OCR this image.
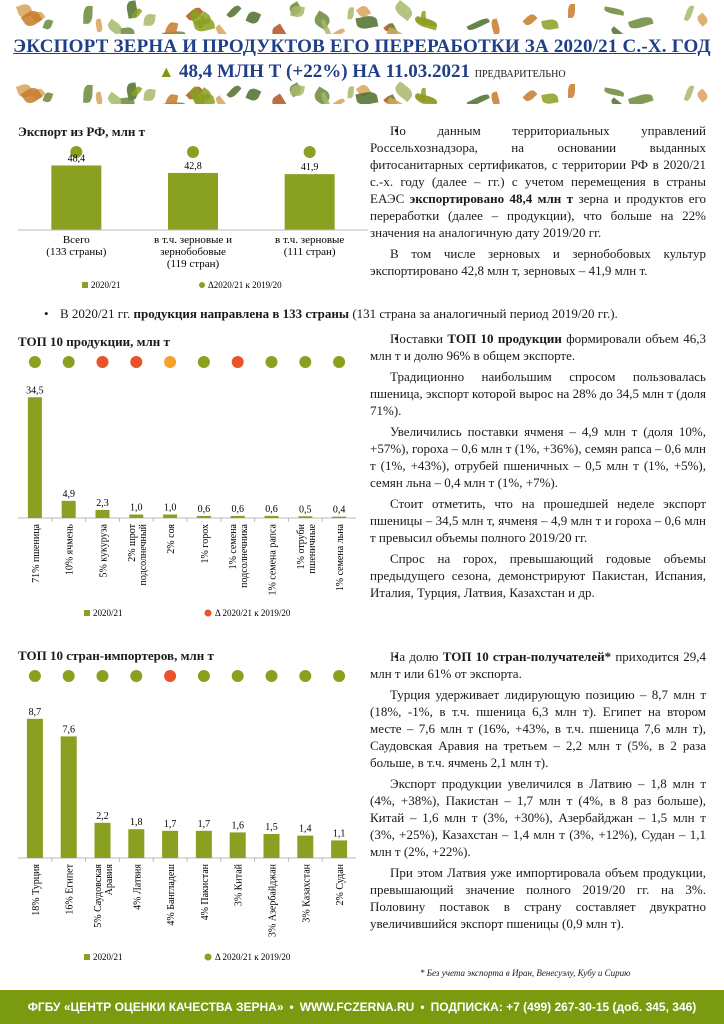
ЭКСПОРТ ЗЕРНА И ПРОДУКТОВ ЕГО ПЕРЕРАБОТКИ ЗА 2020/21 С.-Х. ГОД
▲ 48,4 МЛН Т (+22%) НА 11.03.2021 ПРЕДВАРИТЕЛЬНО
Экспорт из РФ, млн т
48,4
Всего
(133 страны)
42,8
в т.ч. зерновые и
зернобобовые
(119 стран)
41,9
в т.ч. зерновые
(111 стран)
2020/21	Δ2020/21 к 2019/20

• По данным территориальных управлений Россельхознадзора, на основании выданных фитосанитарных сертификатов, с территории РФ в 2020/21 с.-х. году (далее – гг.) с учетом перемещения в страны ЕАЭС экспортировано 48,4 млн т зерна и продуктов его переработки (далее – продукции), что больше на 22% значения на аналогичную дату 2019/20 гг.

В том числе зерновых и зернобобовых культур экспортировано 42,8 млн т, зерновых – 41,9 млн т.

• В 2020/21 гг. продукция направлена в 133 страны (131 страна за аналогичный период 2019/20 гг.).
ТОП 10 продукции, млн т
34,5
71% пшеница
4,9
10% ячмень
2,3
5% кукуруза
1,0
2% шрот подсолнечный
1,0
2% соя
0,6
1% горох
0,6
1% семена подсолнечника
0,6
1% семена рапса
0,5
1% отруби пшеничные
0,4
1% семена льна
2020/21	Δ 2020/21 к 2019/20

• Поставки ТОП 10 продукции формировали объем 46,3 млн т и долю 96% в общем экспорте.

Традиционно наибольшим спросом пользовалась пшеница, экспорт которой вырос на 28% до 34,5 млн т (доля 71%).

Увеличились поставки ячменя – 4,9 млн т (доля 10%, +57%), гороха – 0,6 млн т (1%, +36%), семян рапса – 0,6 млн т (1%, +43%), отрубей пшеничных – 0,5 млн т (1%, +5%), семян льна – 0,4 млн т (1%, +7%).

Стоит отметить, что на прошедшей неделе экспорт пшеницы – 34,5 млн т, ячменя – 4,9 млн т и гороха – 0,6 млн т превысил объемы полного 2019/20 гг.

Спрос на горох, превышающий годовые объемы предыдущего сезона, демонстрируют Пакистан, Испания, Италия, Турция, Латвия, Казахстан и др.

ТОП 10 стран-импортеров, млн т
8,7
18% Турция
7,6
16% Египет
2,2
5% Саудовская Аравия
1,8
4% Латвия
1,7
4% Бангладеш
1,7
4% Пакистан
1,6
3% Китай
1,5
3% Азербайджан
1,4
3% Казахстан
1,1
2% Судан
2020/21	Δ 2020/21 к 2019/20

• На долю ТОП 10 стран-получателей* приходится 29,4 млн т или 61% от экспорта.

Турция удерживает лидирующую позицию – 8,7 млн т (18%, -1%, в т.ч. пшеница 6,3 млн т). Египет на втором месте – 7,6 млн т (16%, +43%, в т.ч. пшеница 7,6 млн т), Саудовская Аравия на третьем – 2,2 млн т (5%, в 2 раза больше, в т.ч. ячмень 2,1 млн т).

Экспорт продукции увеличился в Латвию – 1,8 млн т (4%, +38%), Пакистан – 1,7 млн т (4%, в 8 раз больше), Китай – 1,6 млн т (3%, +30%), Азербайджан – 1,5 млн т (3%, +25%), Казахстан – 1,4 млн т (3%, +12%), Судан – 1,1 млн т (2%, +22%).

При этом Латвия уже импортировала объем продукции, превышающий значение полного 2019/20 гг. на 3%. Половину поставок в страну составляет двукратно увеличившийся экспорт пшеницы (0,9 млн т).

* Без учета экспорта в Иран, Венесуэлу, Кубу и Сирию
ФГБУ «ЦЕНТР ОЦЕНКИ КАЧЕСТВА ЗЕРНА» • WWW.FCZERNA.RU • ПОДПИСКА: +7 (499) 267-30-15 (доб. 345, 346)
